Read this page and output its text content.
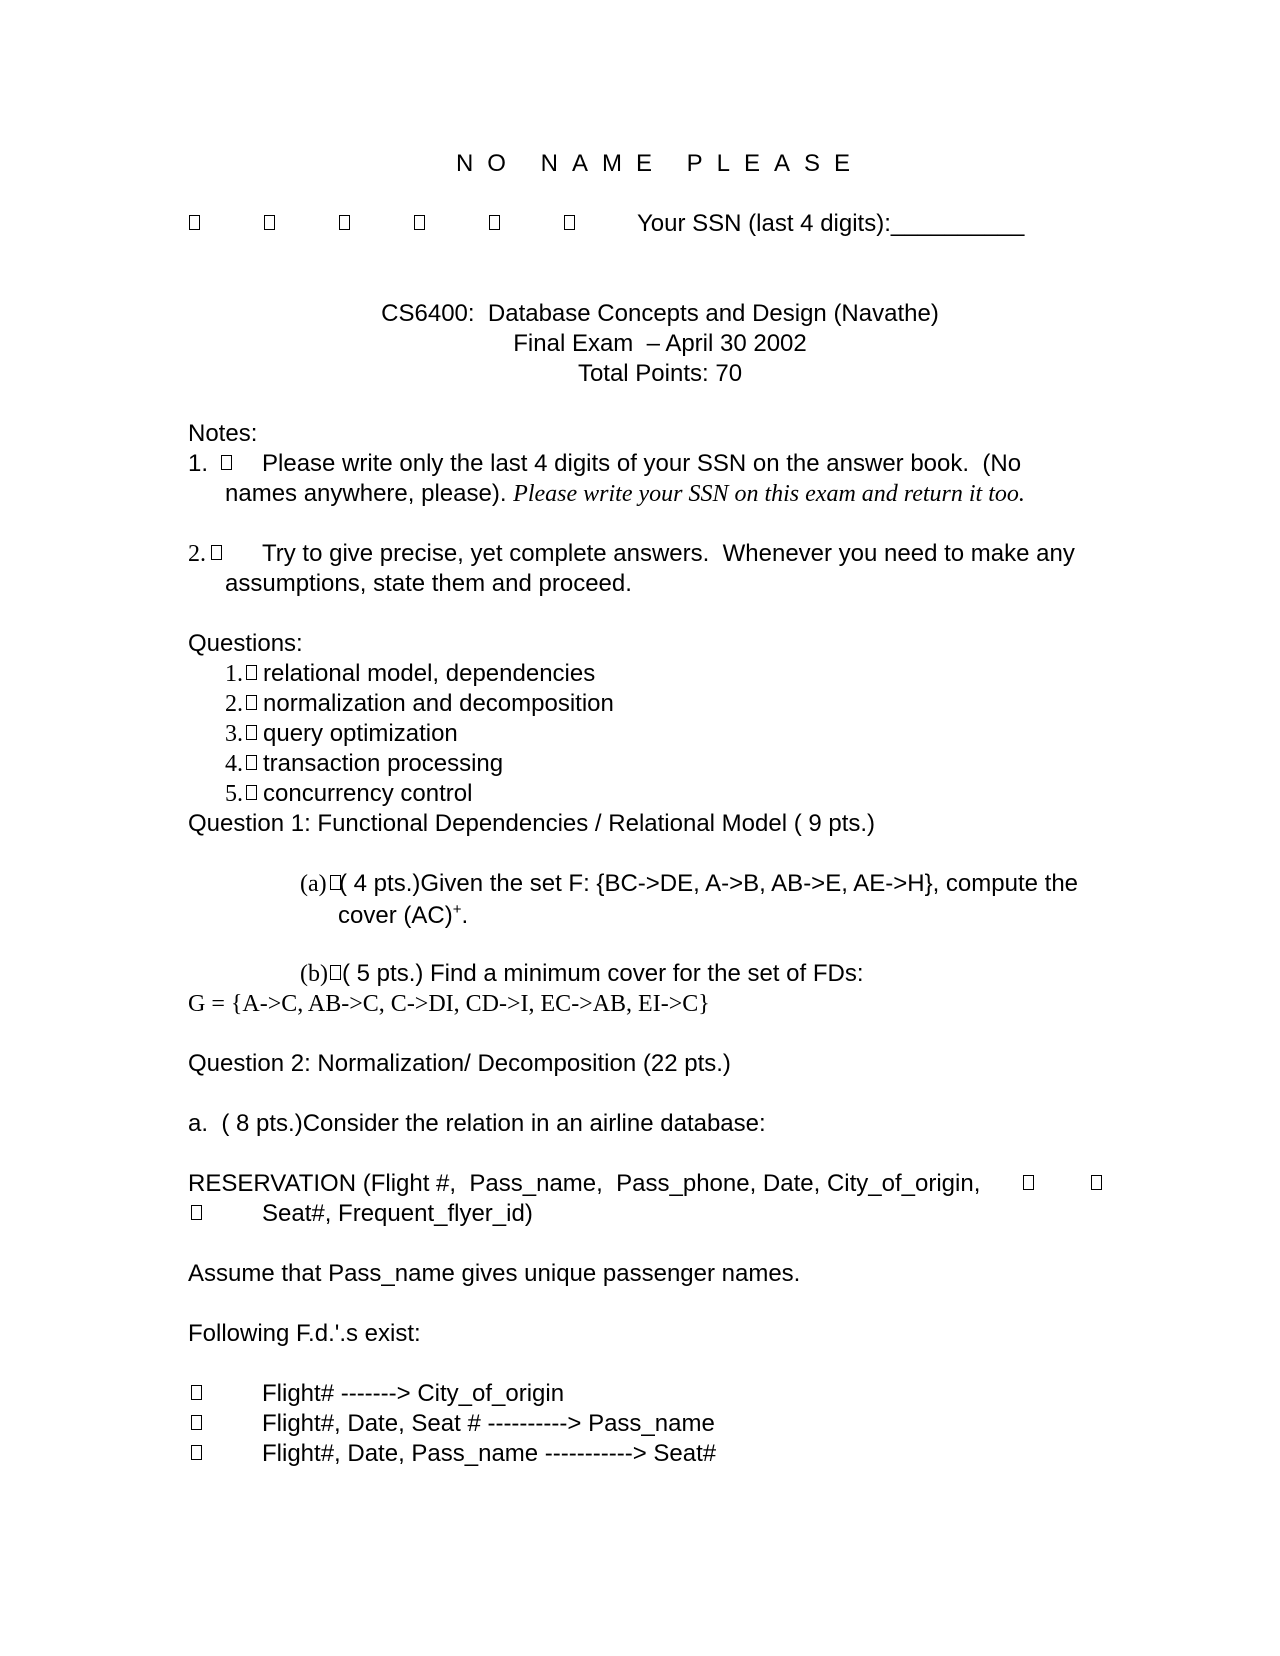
NO NAME PLEASE
Your SSN (last 4 digits):__________
CS6400:  Database Concepts and Design (Navathe)
Final Exam  – April 30 2002
Total Points: 70
Notes:
1. Please write only the last 4 digits of your SSN on the answer book.  (No
names anywhere, please). Please write your SSN on this exam and return it too.
2. Try to give precise, yet complete answers.  Whenever you need to make any
assumptions, state them and proceed.
Questions:
1. relational model, dependencies
2. normalization and decomposition
3. query optimization
4. transaction processing
5. concurrency control
Question 1: Functional Dependencies / Relational Model ( 9 pts.)
(a) ( 4 pts.)Given the set F: {BC->DE, A->B, AB->E, AE->H}, compute the
cover (AC)+.
(b) ( 5 pts.) Find a minimum cover for the set of FDs:
G = {A->C, AB->C, C->DI, CD->I, EC->AB, EI->C}
Question 2: Normalization/ Decomposition (22 pts.)
a.  ( 8 pts.)Consider the relation in an airline database:
RESERVATION (Flight #,  Pass_name,  Pass_phone, Date, City_of_origin,
Seat#, Frequent_flyer_id)
Assume that Pass_name gives unique passenger names.
Following F.d.'.s exist:
Flight# -------> City_of_origin
Flight#, Date, Seat # ----------> Pass_name
Flight#, Date, Pass_name -----------> Seat#
